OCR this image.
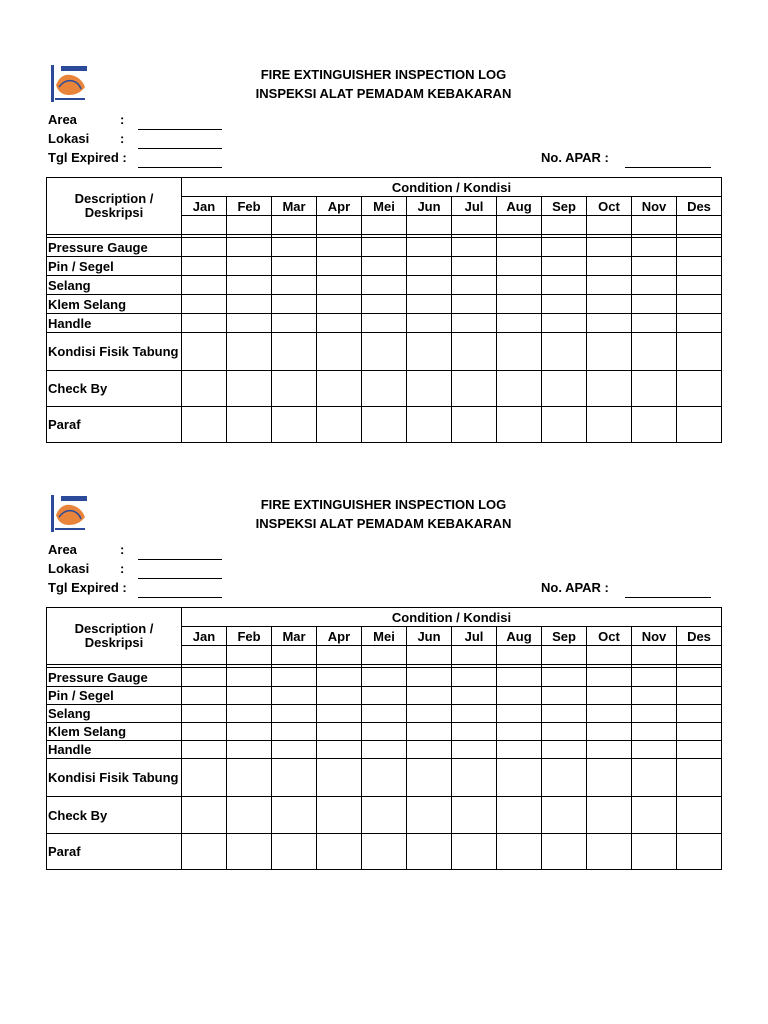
FIRE EXTINGUISHER INSPECTION LOG
INSPEKSI ALAT PEMADAM KEBAKARAN
Area	:
Lokasi :
Tgl Expired :	No. APAR :
Description / Deskripsi	Condition / Kondisi											
	Jan	Feb	Mar	Apr	Mei	Jun	Jul	Aug	Sep	Oct	Nov	Des

Pressure Gauge												
Pin / Segel												
Selang												
Klem Selang												
Handle												
Kondisi Fisik Tabung												
Check By												
Paraf												
FIRE EXTINGUISHER INSPECTION LOG
INSPEKSI ALAT PEMADAM KEBAKARAN
Area	:
Lokasi :
Tgl Expired :	No. APAR :
Description / Deskripsi	Condition / Kondisi											
	Jan	Feb	Mar	Apr	Mei	Jun	Jul	Aug	Sep	Oct	Nov	Des

Pressure Gauge												
Pin / Segel												
Selang												
Klem Selang												
Handle												
Kondisi Fisik Tabung												
Check By												
Paraf												
